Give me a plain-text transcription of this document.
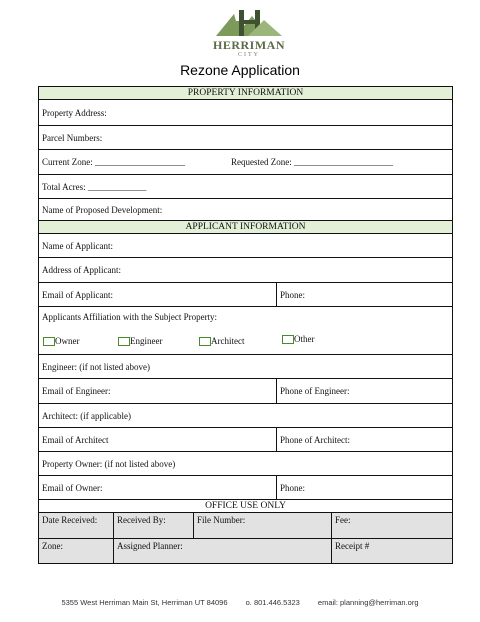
HERRIMAN
CITY
Rezone Application
PROPERTY INFORMATION
Property Address:
Parcel Numbers:
Current Zone: ____________________	Requested Zone: ______________________
Total Acres: _____________
Name of Proposed Development:
APPLICANT INFORMATION
Name of Applicant:
Address of Applicant:
Email of Applicant:	Phone:
Applicants Affiliation with the Subject Property:
Owner	Engineer	Architect	Other
Engineer: (if not listed above)
Email of Engineer:	Phone of Engineer:
Architect: (if applicable)
Email of Architect	Phone of Architect:
Property Owner: (if not listed above)
Email of Owner:	Phone:
OFFICE USE ONLY
Date Received:	Received By:	File Number:	Fee:
Zone:	Assigned Planner:	Receipt #
5355 West Herriman Main St, Herriman UT 84096 o. 801.446.5323 email: planning@herriman.org
